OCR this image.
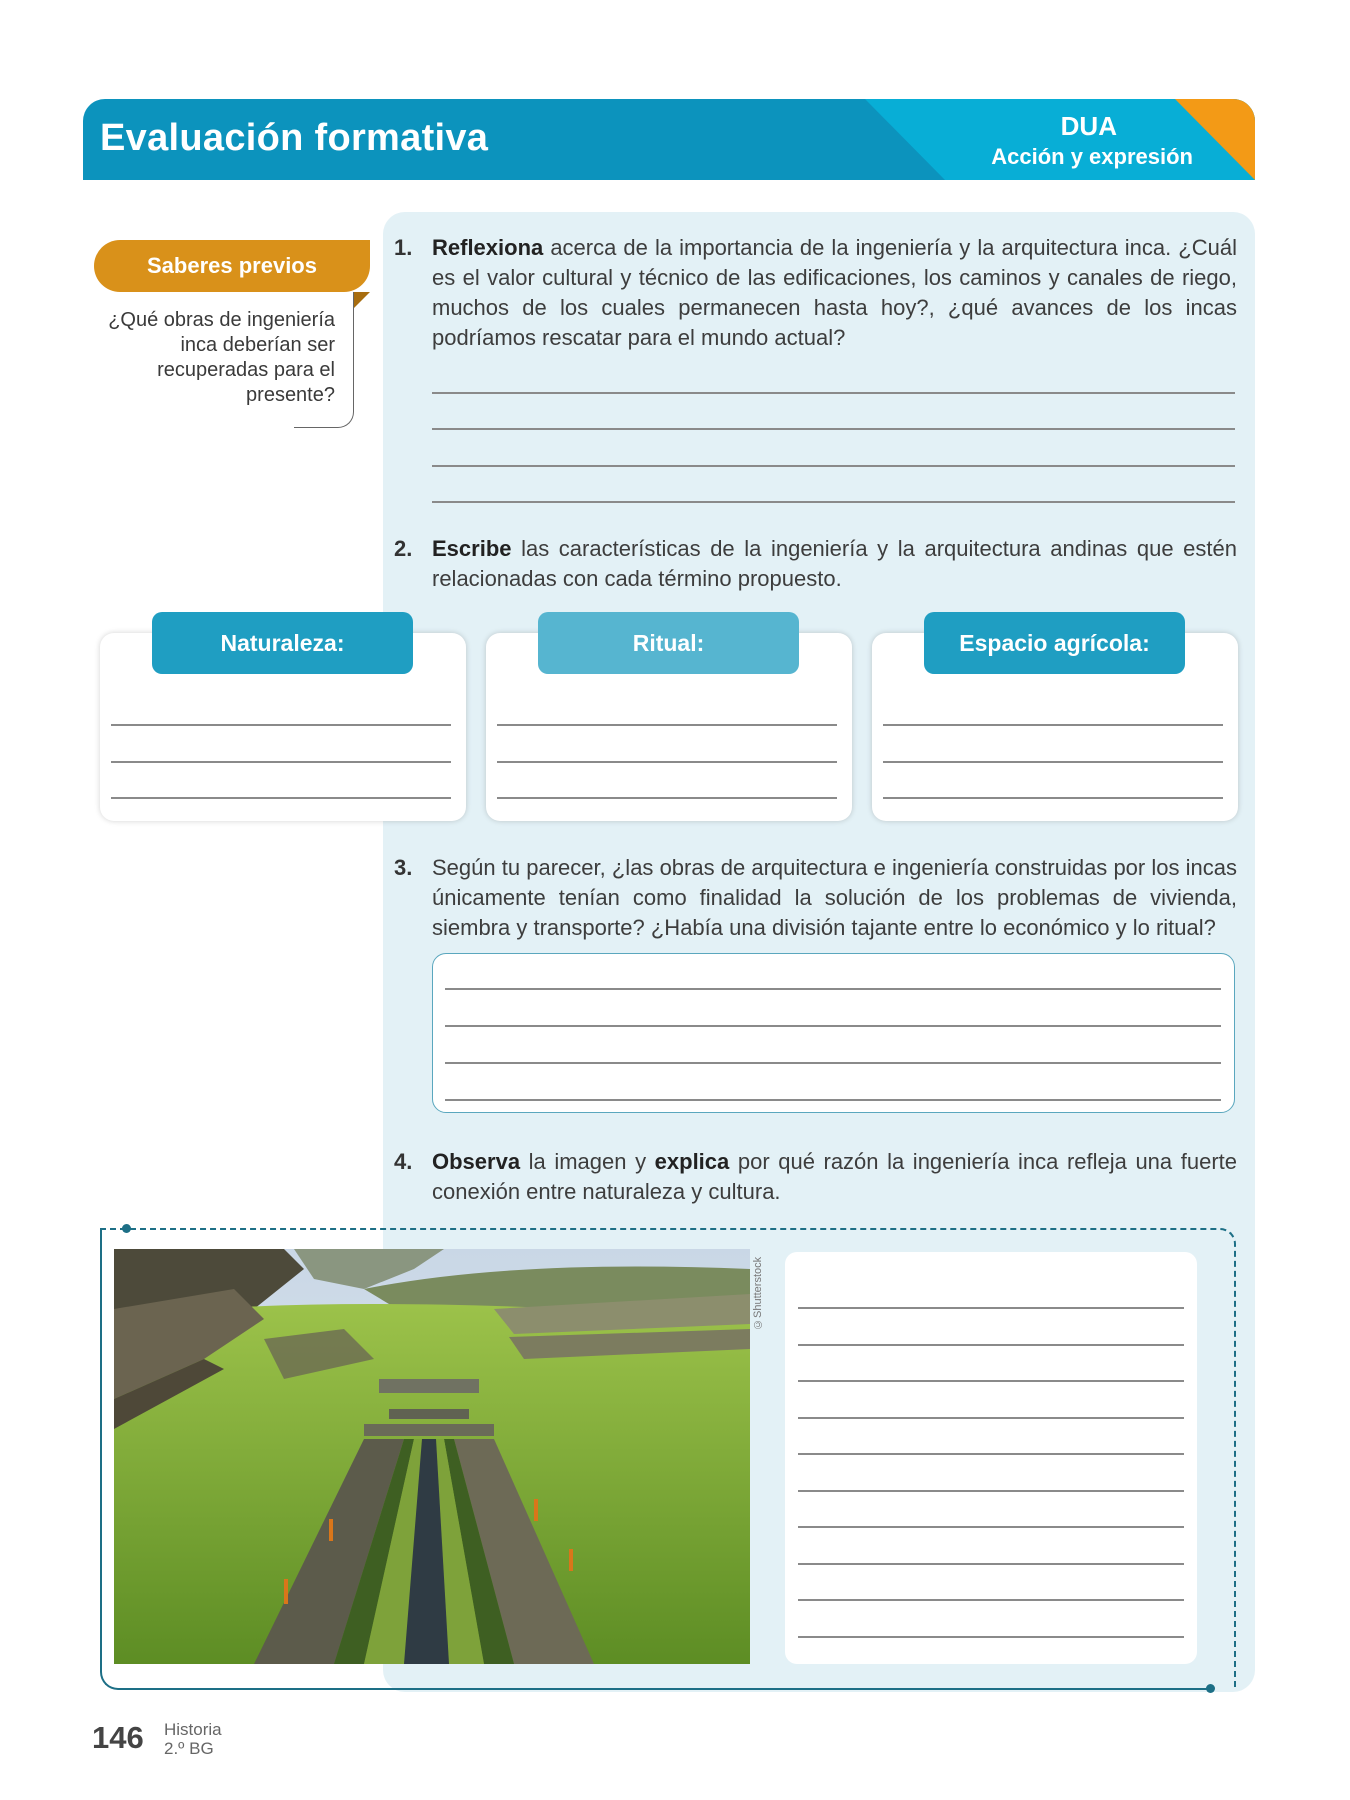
Evaluación formativa	DUA
Acción y expresión
Saberes previos
¿Qué obras de ingeniería inca deberían ser recuperadas para el presente?
1. Reflexiona acerca de la importancia de la ingeniería y la arquitectura inca. ¿Cuál es el valor cultural y técnico de las edificaciones, los caminos y canales de riego, muchos de los cuales permanecen hasta hoy?, ¿qué avances de los incas podríamos rescatar para el mundo actual?
2. Escribe las características de la ingeniería y la arquitectura andinas que estén relacionadas con cada término propuesto.
Naturaleza:	Ritual:	Espacio agrícola:
3. Según tu parecer, ¿las obras de arquitectura e ingeniería construidas por los incas únicamente tenían como finalidad la solución de los problemas de vivienda, siembra y transporte? ¿Había una división tajante entre lo económico y lo ritual?
4. Observa la imagen y explica por qué razón la ingeniería inca refleja una fuerte conexión entre naturaleza y cultura.
©Shutterstock
146 Historia
2.º BG
